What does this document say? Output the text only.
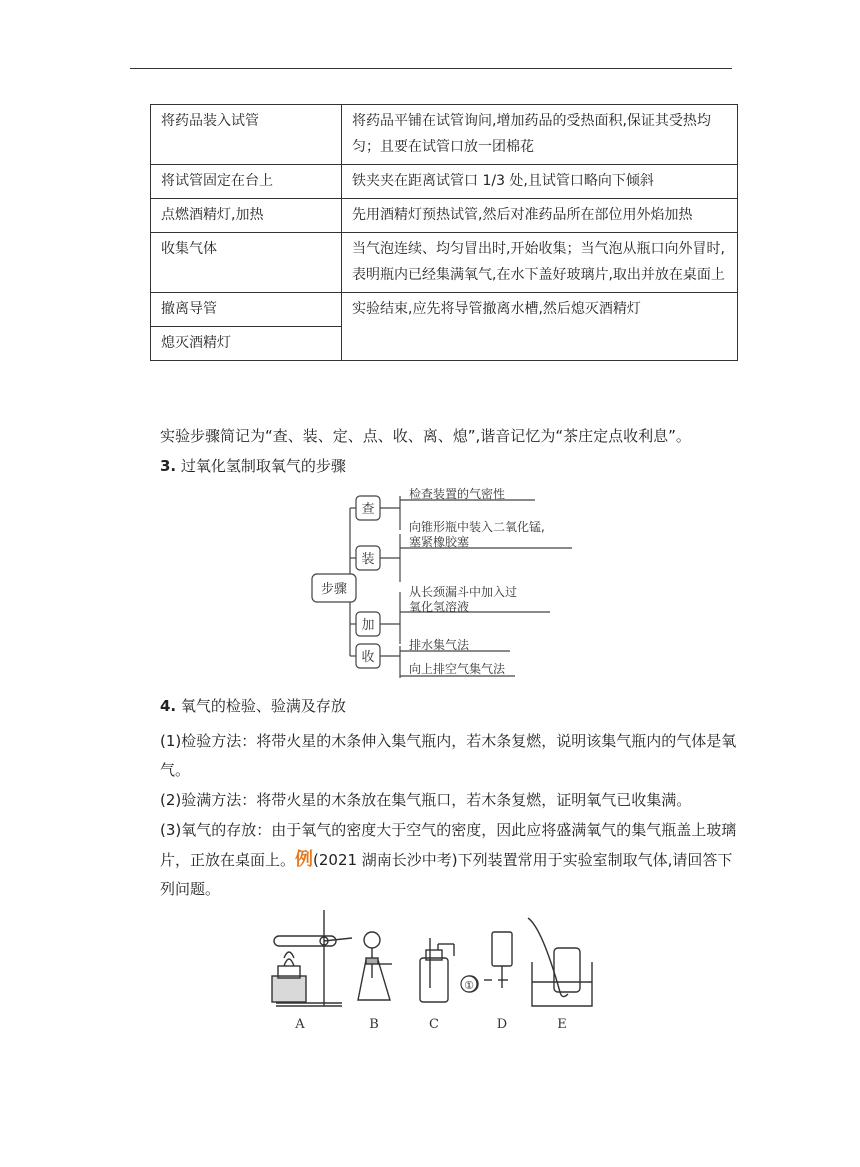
将药品装入试管	将药品平铺在试管询问,增加药品的受热面积,保证其受热均匀；且要在试管口放一团棉花
将试管固定在台上	铁夹夹在距离试管口 1/3 处,且试管口略向下倾斜
点燃酒精灯,加热	先用酒精灯预热试管,然后对准药品所在部位用外焰加热
收集气体	当气泡连续、均匀冒出时,开始收集；当气泡从瓶口向外冒时,表明瓶内已经集满氧气,在水下盖好玻璃片,取出并放在桌面上
撤离导管	实验结束,应先将导管撤离水槽,然后熄灭酒精灯
熄灭酒精灯	
实验步骤简记为“查、装、定、点、收、离、熄”,谐音记忆为“茶庄定点收利息”。
3. 过氧化氢制取氧气的步骤
步骤
查
装
加
收
检查装置的气密性
向锥形瓶中装入二氧化锰,
塞紧橡胶塞
从长颈漏斗中加入过
氧化氢溶液
排水集气法
向上排空气集气法
4. 氧气的检验、验满及存放
(1)检验方法：将带火星的木条伸入集气瓶内，若木条复燃，说明该集气瓶内的气体是氧气。
(2)验满方法：将带火星的木条放在集气瓶口，若木条复燃，证明氧气已收集满。
(3)氧气的存放：由于氧气的密度大于空气的密度，因此应将盛满氧气的集气瓶盖上玻璃片，正放在桌面上。例(2021 湖南长沙中考)下列装置常用于实验室制取气体,请回答下列问题。
①
A	B	C	D	E
